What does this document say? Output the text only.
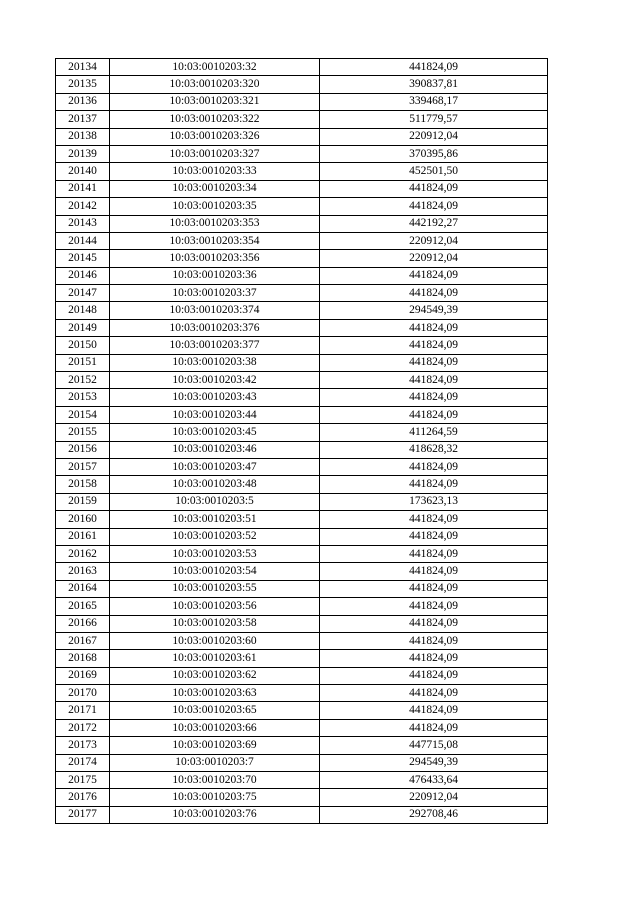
20134	10:03:0010203:32	441824,09
20135	10:03:0010203:320	390837,81
20136	10:03:0010203:321	339468,17
20137	10:03:0010203:322	511779,57
20138	10:03:0010203:326	220912,04
20139	10:03:0010203:327	370395,86
20140	10:03:0010203:33	452501,50
20141	10:03:0010203:34	441824,09
20142	10:03:0010203:35	441824,09
20143	10:03:0010203:353	442192,27
20144	10:03:0010203:354	220912,04
20145	10:03:0010203:356	220912,04
20146	10:03:0010203:36	441824,09
20147	10:03:0010203:37	441824,09
20148	10:03:0010203:374	294549,39
20149	10:03:0010203:376	441824,09
20150	10:03:0010203:377	441824,09
20151	10:03:0010203:38	441824,09
20152	10:03:0010203:42	441824,09
20153	10:03:0010203:43	441824,09
20154	10:03:0010203:44	441824,09
20155	10:03:0010203:45	411264,59
20156	10:03:0010203:46	418628,32
20157	10:03:0010203:47	441824,09
20158	10:03:0010203:48	441824,09
20159	10:03:0010203:5	173623,13
20160	10:03:0010203:51	441824,09
20161	10:03:0010203:52	441824,09
20162	10:03:0010203:53	441824,09
20163	10:03:0010203:54	441824,09
20164	10:03:0010203:55	441824,09
20165	10:03:0010203:56	441824,09
20166	10:03:0010203:58	441824,09
20167	10:03:0010203:60	441824,09
20168	10:03:0010203:61	441824,09
20169	10:03:0010203:62	441824,09
20170	10:03:0010203:63	441824,09
20171	10:03:0010203:65	441824,09
20172	10:03:0010203:66	441824,09
20173	10:03:0010203:69	447715,08
20174	10:03:0010203:7	294549,39
20175	10:03:0010203:70	476433,64
20176	10:03:0010203:75	220912,04
20177	10:03:0010203:76	292708,46
